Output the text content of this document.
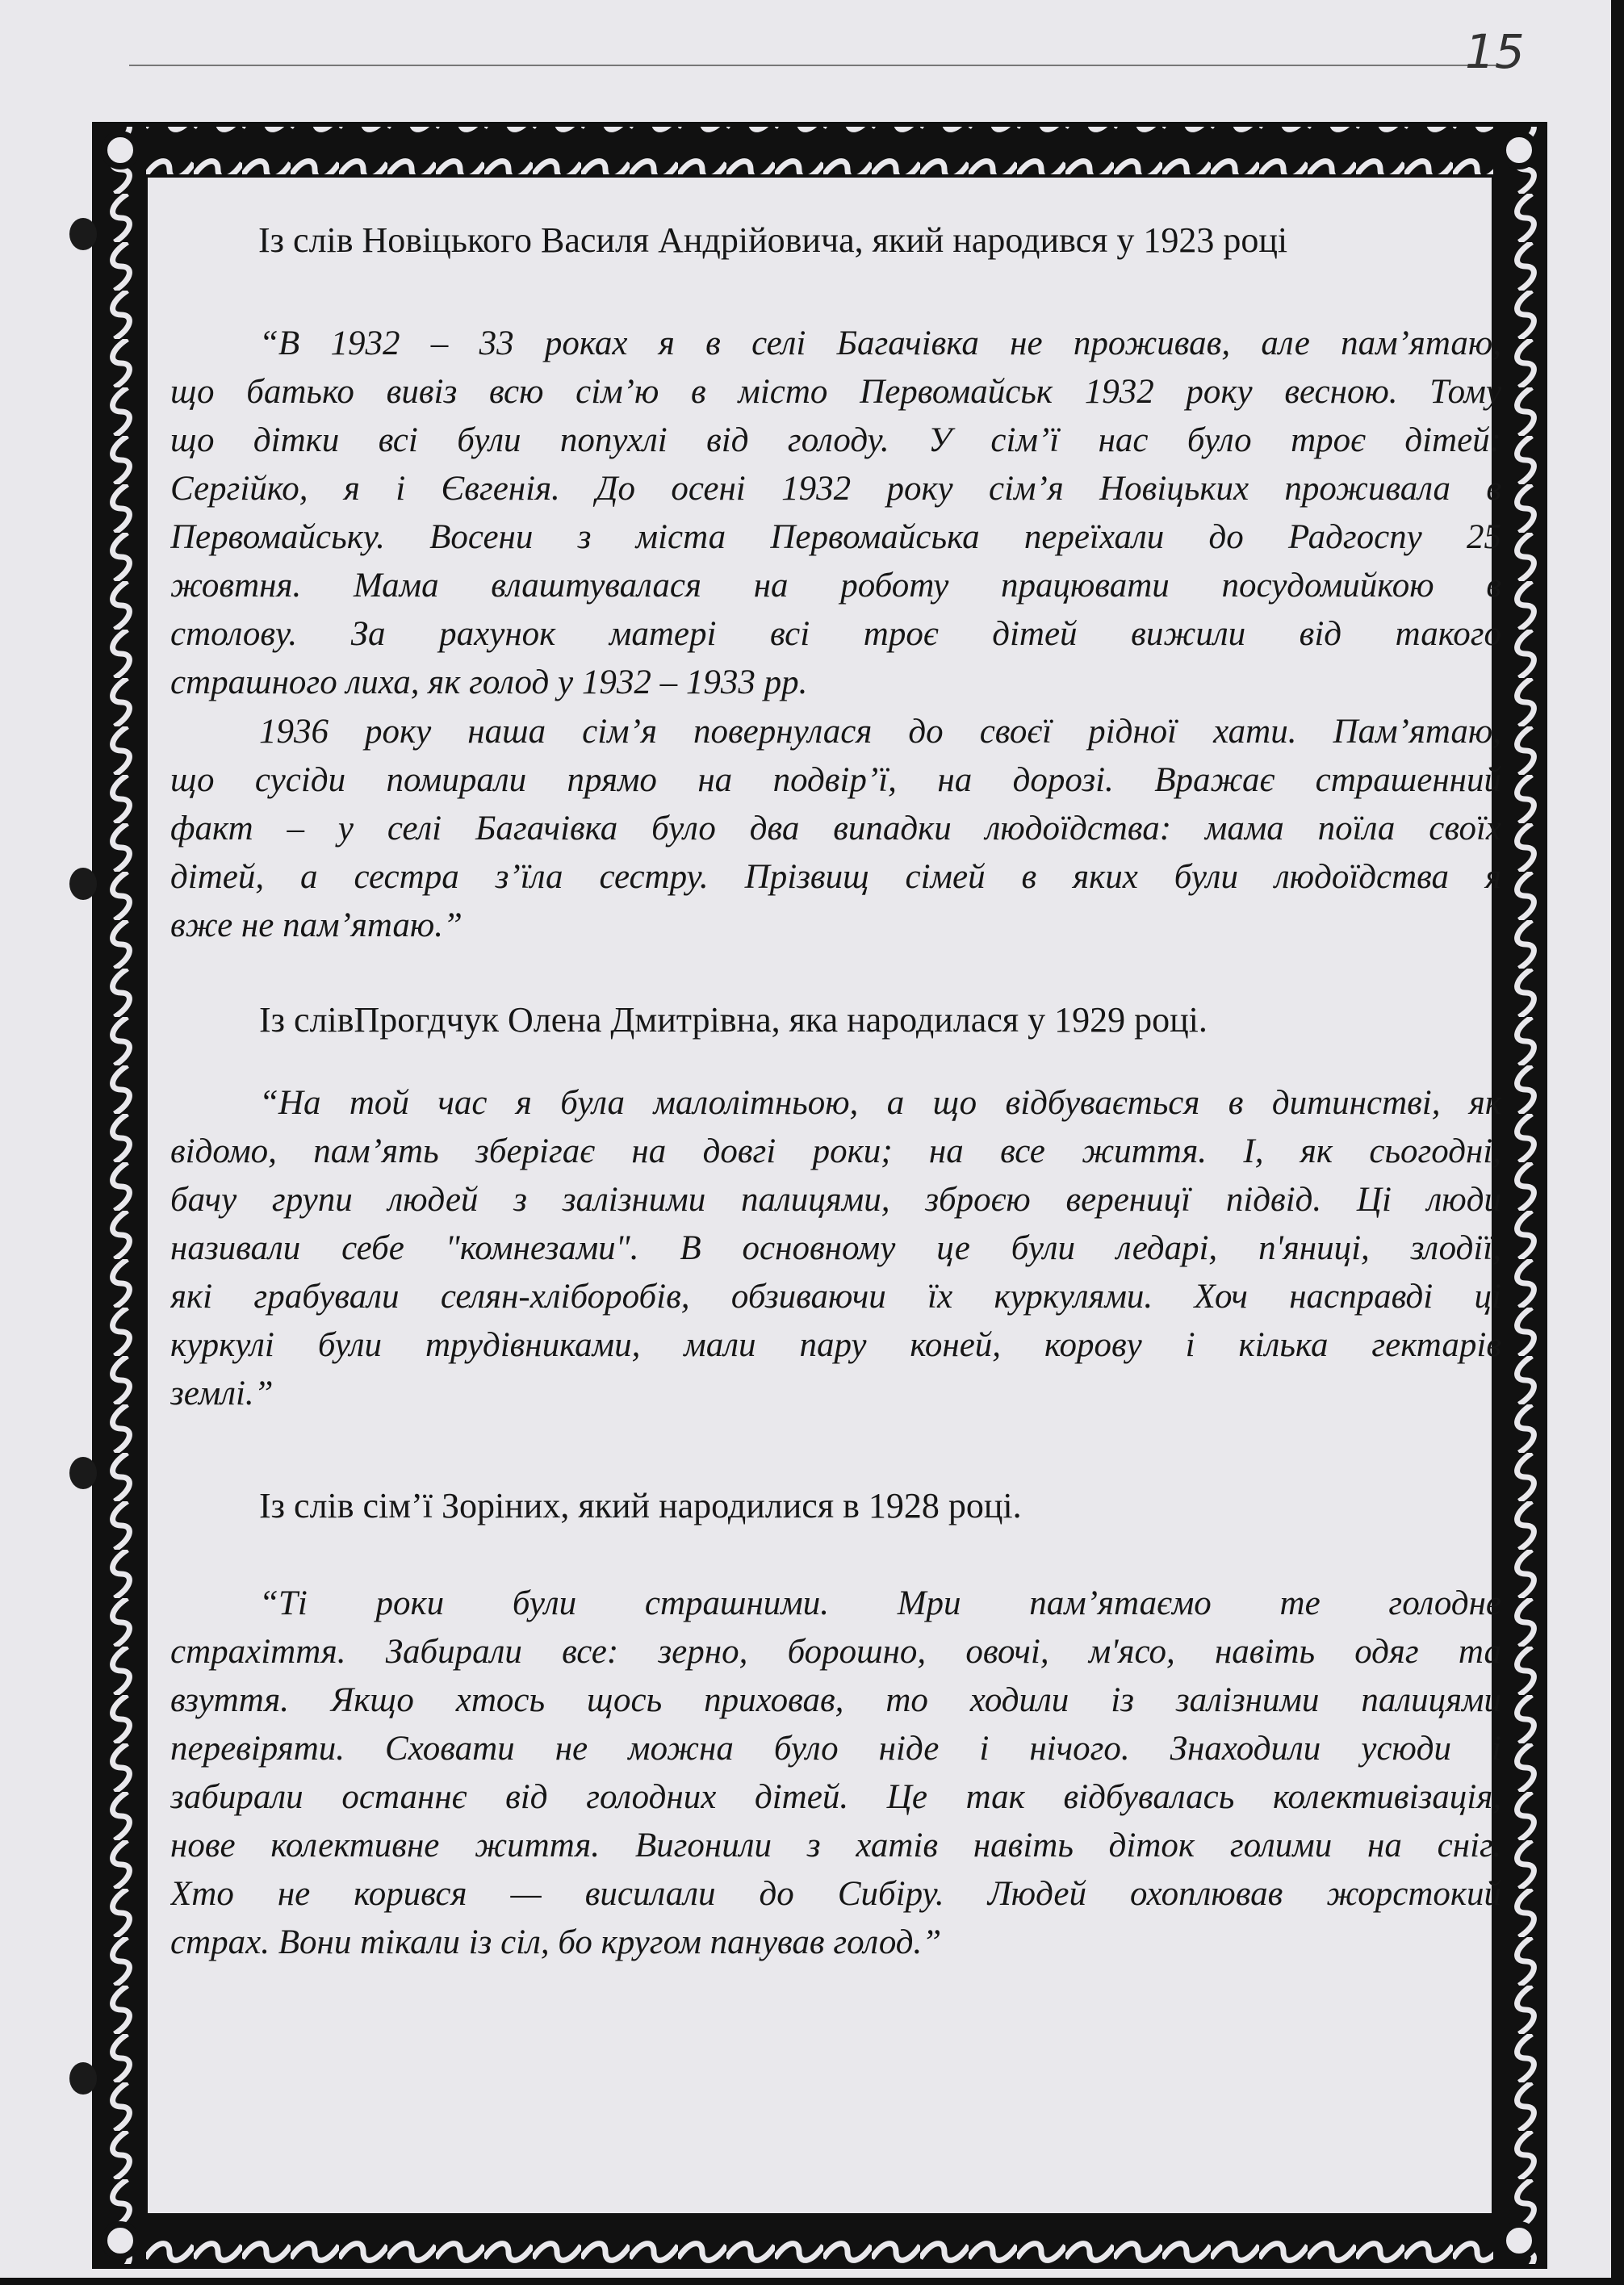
15
Із слів Новіцького Василя Андрійовича, який народився у 1923 році
“В 1932 – 33 роках я в селі Багачівка не проживав, але пам’ятаю,
що батько вивіз всю сім’ю в місто Первомайськ 1932 року весною. Тому
що дітки всі були попухлі від голоду. У сім’ї нас було троє дітей:
Сергійко, я і Євгенія. До осені 1932 року сім’я Новіцьких проживала в
Первомайську. Восени з міста Первомайська переїхали до Радгоспу 25
жовтня. Мама влаштувалася на роботу працювати посудомийкою в
столову. За рахунок матері всі троє дітей вижили від такого
страшного лиха, як голод у 1932 – 1933 рр.
1936 року наша сім’я повернулася до своєї рідної хати. Пам’ятаю,
що сусіди помирали прямо на подвір’ї, на дорозі. Вражає страшенний
факт – у селі Багачівка було два випадки людоїдства: мама поїла своїх
дітей, а сестра з’їла сестру. Прізвищ сімей в яких були людоїдства я
вже не пам’ятаю.”
Із слівПрогдчук Олена Дмитрівна, яка народилася у 1929 році.
“На той час я була малолітньою, а що відбувається в дитинстві, як
відомо, пам’ять зберігає на довгі роки; на все життя. І, як сьогодні,
бачу групи людей з залізними палицями, зброєю вереницї підвід. Ці люди
називали себе "комнезами". В основному це були ледарі, п'яниці, злодії,
які грабували селян-хліборобів, обзиваючи їх куркулями. Хоч насправді ці
куркулі були трудівниками, мали пару коней, корову і кілька гектарів
землі.”
Із слів сім’ї Зоріних, який народилися в 1928 році.
“Ті роки були страшними. Мри пам’ятаємо те голодне
страхіття. Забирали все: зерно, борошно, овочі, м'ясо, навіть одяг та
взуття. Якщо хтось щось приховав, то ходили із залізними палицями
перевіряти. Сховати не можна було ніде і нічого. Знаходили усюди і
забирали останнє від голодних дітей. Це так відбувалась колективізація,
нове колективне життя. Вигонили з хатів навіть діток голими на сніг.
Хто не корився — висилали до Сибіру. Людей охоплював жорстокий
страх. Вони тікали із сіл, бо кругом панував голод.”
